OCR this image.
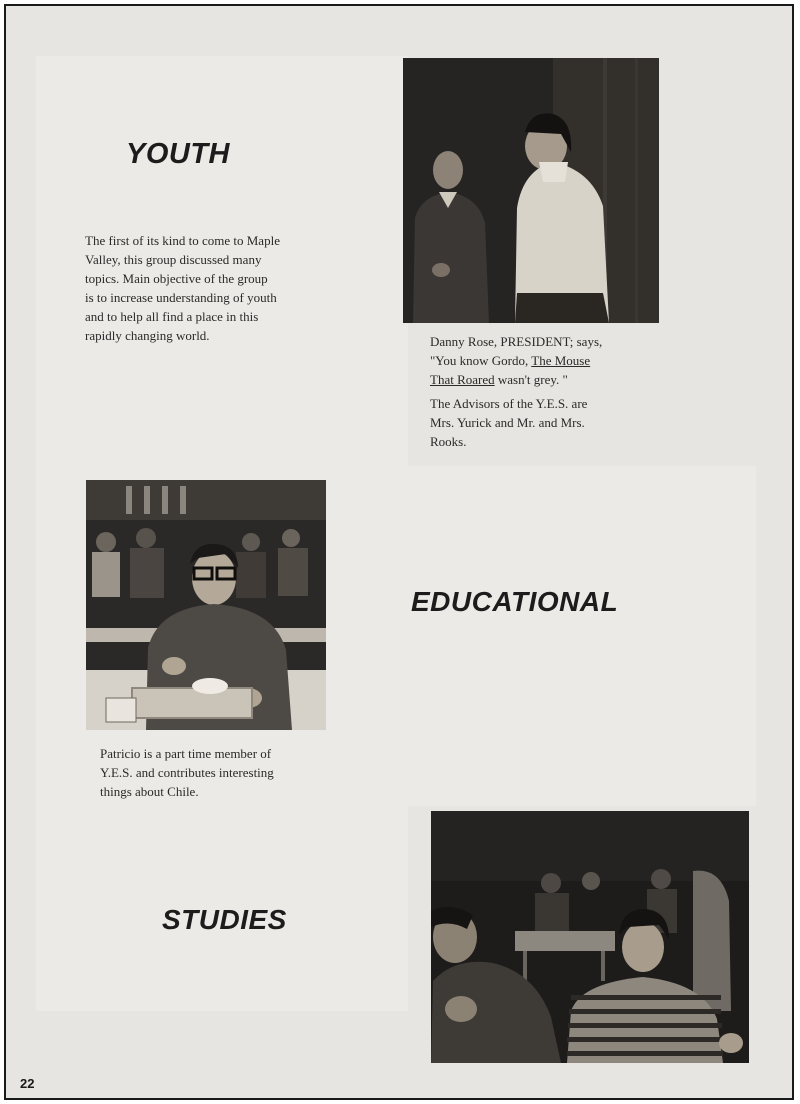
YOUTH

The first of its kind to come to Maple
Valley, this group discussed many
topics. Main objective of the group
is to increase understanding of youth
and to help all find a place in this
rapidly changing world.	Danny Rose, PRESIDENT; says,
"You know Gordo, The Mouse
That Roared wasn't grey. "

The Advisors of the Y.E.S. are
Mrs. Yurick and Mr. and Mrs.
Rooks.

Patricio is a part time member of
Y.E.S. and contributes interesting
things about Chile.

EDUCATIONAL
STUDIES
22
